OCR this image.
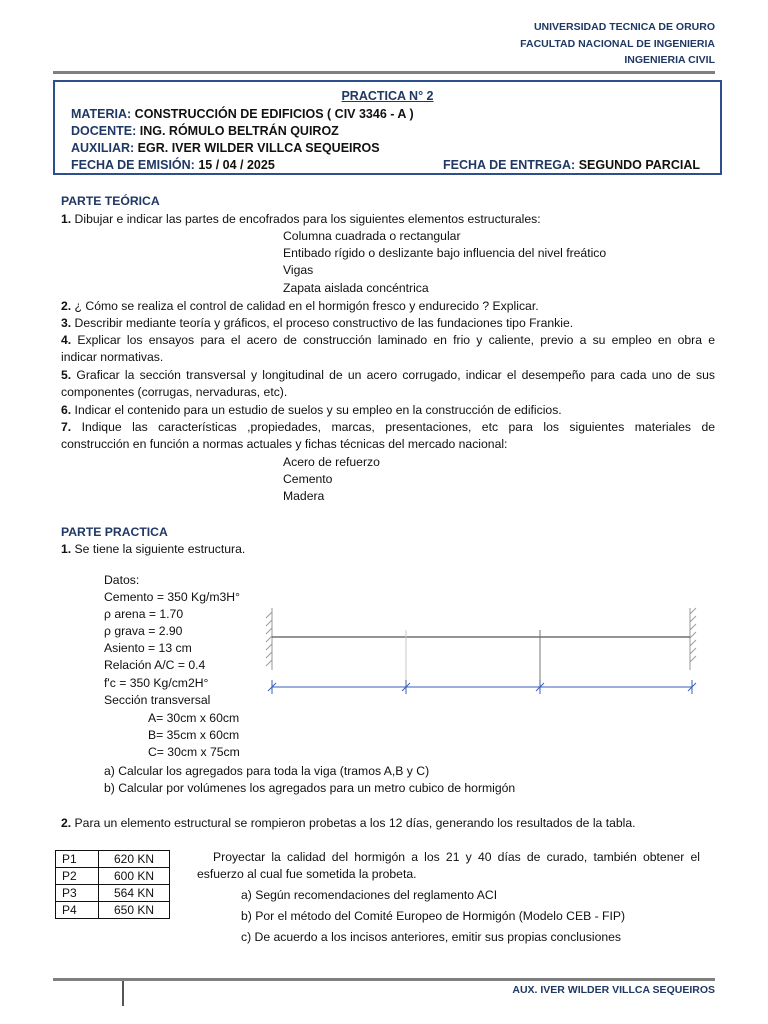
UNIVERSIDAD TECNICA DE ORURO
FACULTAD NACIONAL DE INGENIERIA
INGENIERIA CIVIL
PRACTICA N° 2
MATERIA: CONSTRUCCIÓN DE EDIFICIOS ( CIV 3346 - A )
DOCENTE: ING. RÓMULO BELTRÁN QUIROZ
AUXILIAR: EGR. IVER WILDER VILLCA SEQUEIROS
FECHA DE EMISIÓN: 15 / 04 / 2025	FECHA DE ENTREGA: SEGUNDO PARCIAL
PARTE TEÓRICA
1. Dibujar e indicar las partes de encofrados para los siguientes elementos estructurales:
Columna cuadrada o rectangular
Entibado rígido o deslizante bajo influencia del nivel freático
Vigas
Zapata aislada concéntrica
2. ¿ Cómo se realiza el control de calidad en el hormigón fresco y endurecido ? Explicar.
3. Describir mediante teoría y gráficos, el proceso constructivo de las fundaciones tipo Frankie.
4. Explicar los ensayos para el acero de construcción laminado en frio y caliente, previo a su empleo en obra e
indicar normativas.
5. Graficar la sección transversal y longitudinal de un acero corrugado, indicar el desempeño para cada uno de sus
componentes (corrugas, nervaduras, etc).
6. Indicar el contenido para un estudio de suelos y su empleo en la construcción de edificios.
7. Indique las características ,propiedades, marcas, presentaciones, etc para los siguientes materiales de
construcción en función a normas actuales y fichas técnicas del mercado nacional:
Acero de refuerzo
Cemento
Madera
PARTE PRACTICA
1. Se tiene la siguiente estructura.
Datos:
Cemento = 350 Kg/m3H°
ρ arena = 1.70
ρ grava = 2.90
Asiento = 13 cm
Relación A/C = 0.4
f'c = 350 Kg/cm2H°
Sección transversal
A= 30cm x 60cm
B= 35cm x 60cm
C= 30cm x 75cm
a) Calcular los agregados para toda la viga (tramos A,B y C)
b) Calcular por volúmenes los agregados para un metro cubico de hormigón
2. Para un elemento estructural se rompieron probetas a los 12 días, generando los resultados de la tabla.
P1	620 KN
P2	600 KN
P3	564 KN
P4	650 KN
Proyectar la calidad del hormigón a los 21 y 40 días de curado, también obtener el
esfuerzo al cual fue sometida la probeta.
a) Según recomendaciones del reglamento ACI
b) Por el método del Comité Europeo de Hormigón (Modelo CEB - FIP)
c) De acuerdo a los incisos anteriores, emitir sus propias conclusiones
AUX. IVER WILDER VILLCA SEQUEIROS
